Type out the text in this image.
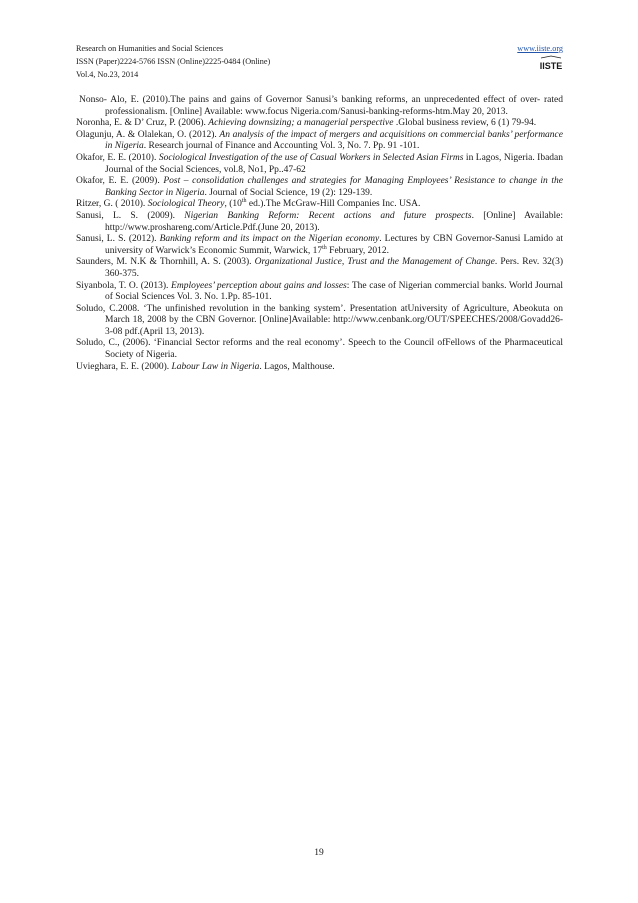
Research on Humanities and Social Sciences	www.iiste.org
ISSN (Paper)2224-5766 ISSN (Online)2225-0484 (Online)
Vol.4, No.23, 2014
IISTE

Nonso- Alo, E. (2010).The pains and gains of Governor Sanusi’s banking reforms, an unprecedented effect of over- rated professionalism. [Online] Available: www.focus Nigeria.com/Sanusi-banking-reforms-htm.May 20, 2013.

Noronha, E. & D’ Cruz, P. (2006). Achieving downsizing; a managerial perspective .Global business review, 6 (1) 79-94.

Olagunju, A. & Olalekan, O. (2012). An analysis of the impact of mergers and acquisitions on commercial banks’ performance in Nigeria. Research journal of Finance and Accounting Vol. 3, No. 7. Pp. 91 -101.

Okafor, E. E. (2010). Sociological Investigation of the use of Casual Workers in Selected Asian Firms in Lagos, Nigeria. Ibadan Journal of the Social Sciences, vol.8, No1, Pp..47-62

Okafor, E. E. (2009). Post – consolidation challenges and strategies for Managing Employees’ Resistance to change in the Banking Sector in Nigeria. Journal of Social Science, 19 (2): 129-139.

Ritzer, G. ( 2010). Sociological Theory, (10th ed.).The McGraw-Hill Companies Inc. USA.

Sanusi, L. S. (2009). Nigerian Banking Reform: Recent actions and future prospects. [Online] Available: http://www.proshareng.com/Article.Pdf.(June 20, 2013).

Sanusi, L. S. (2012). Banking reform and its impact on the Nigerian economy. Lectures by CBN Governor-Sanusi Lamido at university of Warwick’s Economic Summit, Warwick, 17th February, 2012.

Saunders, M. N.K & Thornhill, A. S. (2003). Organizational Justice, Trust and the Management of Change. Pers. Rev. 32(3) 360-375.

Siyanbola, T. O. (2013). Employees’ perception about gains and losses: The case of Nigerian commercial banks. World Journal of Social Sciences Vol. 3. No. 1.Pp. 85-101.

Soludo, C.2008. ‘The unfinished revolution in the banking system’. Presentation atUniversity of Agriculture, Abeokuta on March 18, 2008 by the CBN Governor. [Online]Available: http://www.cenbank.org/OUT/SPEECHES/2008/Govadd26-3-08 pdf.(April 13, 2013).

Soludo, C., (2006). ‘Financial Sector reforms and the real economy’. Speech to the Council ofFellows of the Pharmaceutical Society of Nigeria.

Uvieghara, E. E. (2000). Labour Law in Nigeria. Lagos, Malthouse.

19
